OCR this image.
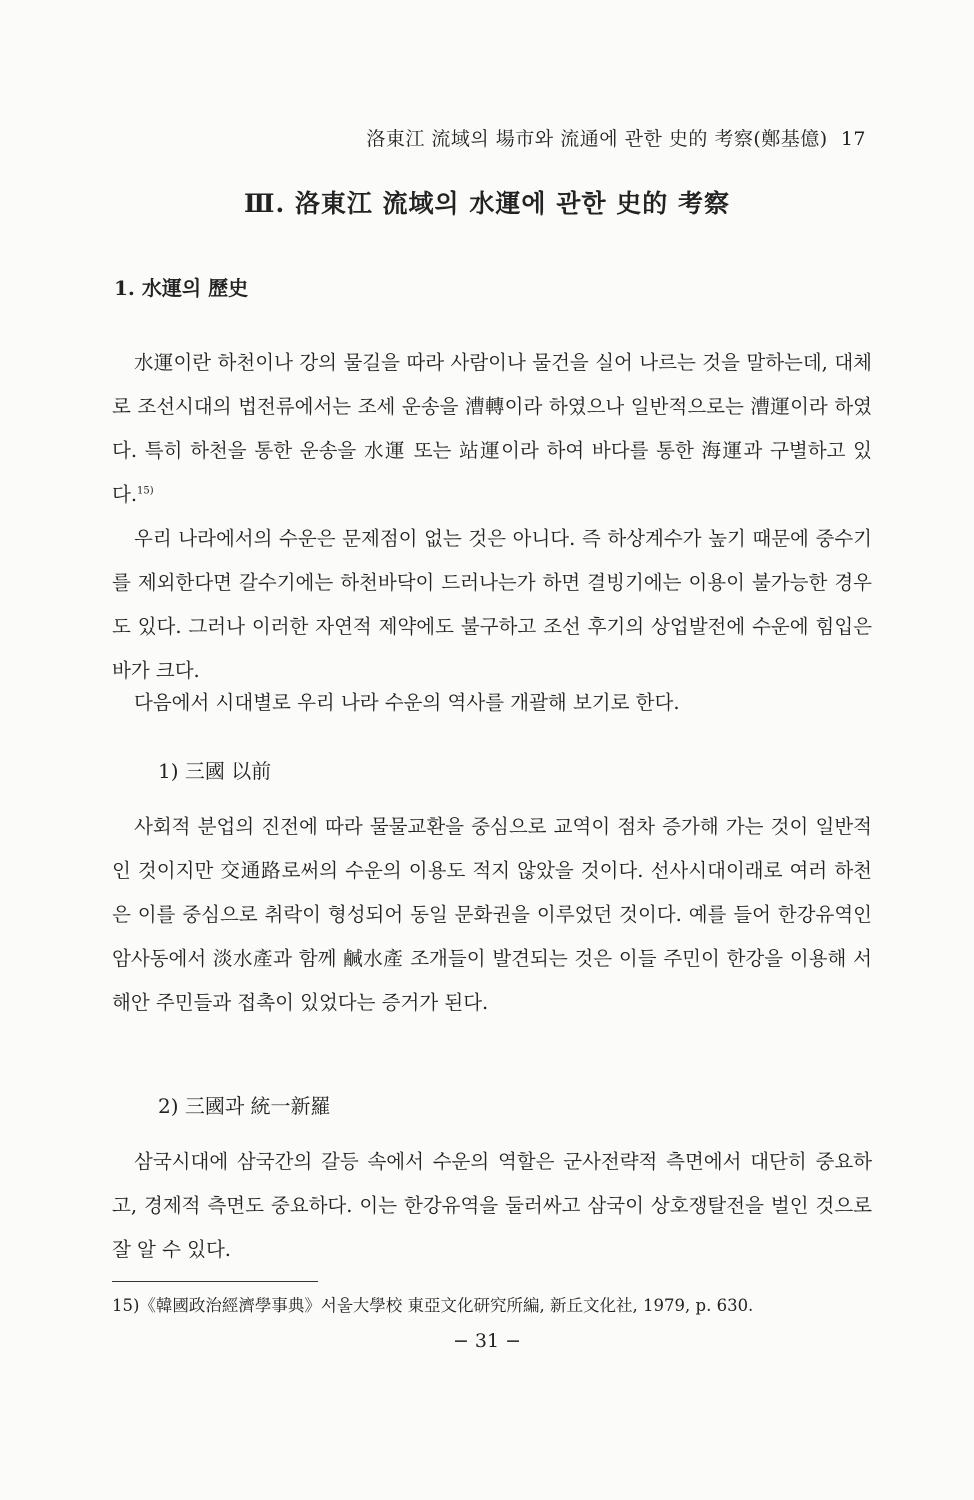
洛東江 流域의 場市와 流通에 관한 史的 考察(鄭基億) 17
Ⅲ. 洛東江 流域의 水運에 관한 史的 考察
1. 水運의 歷史

水運이란 하천이나 강의 물길을 따라 사람이나 물건을 실어 나르는 것을 말하는데, 대체로 조선시대의 법전류에서는 조세 운송을 漕轉이라 하였으나 일반적으로는 漕運이라 하였다. 특히 하천을 통한 운송을 水運 또는 站運이라 하여 바다를 통한 海運과 구별하고 있다.$^{15)}$

우리 나라에서의 수운은 문제점이 없는 것은 아니다. 즉 하상계수가 높기 때문에 중수기를 제외한다면 갈수기에는 하천바닥이 드러나는가 하면 결빙기에는 이용이 불가능한 경우도 있다. 그러나 이러한 자연적 제약에도 불구하고 조선 후기의 상업발전에 수운에 힘입은 바가 크다.

다음에서 시대별로 우리 나라 수운의 역사를 개괄해 보기로 한다.

1) 三國 以前

사회적 분업의 진전에 따라 물물교환을 중심으로 교역이 점차 증가해 가는 것이 일반적인 것이지만 交通路로써의 수운의 이용도 적지 않았을 것이다. 선사시대이래로 여러 하천은 이를 중심으로 취락이 형성되어 동일 문화권을 이루었던 것이다. 예를 들어 한강유역인 암사동에서 淡水產과 함께 鹹水產 조개들이 발견되는 것은 이들 주민이 한강을 이용해 서해안 주민들과 접촉이 있었다는 증거가 된다.

2) 三國과 統一新羅

삼국시대에 삼국간의 갈등 속에서 수운의 역할은 군사전략적 측면에서 대단히 중요하고, 경제적 측면도 중요하다. 이는 한강유역을 둘러싸고 삼국이 상호쟁탈전을 벌인 것으로 잘 알 수 있다.

15)《韓國政治經濟學事典》서울大學校 東亞文化研究所編, 新丘文化社, 1979, p. 630.
− 31 −
